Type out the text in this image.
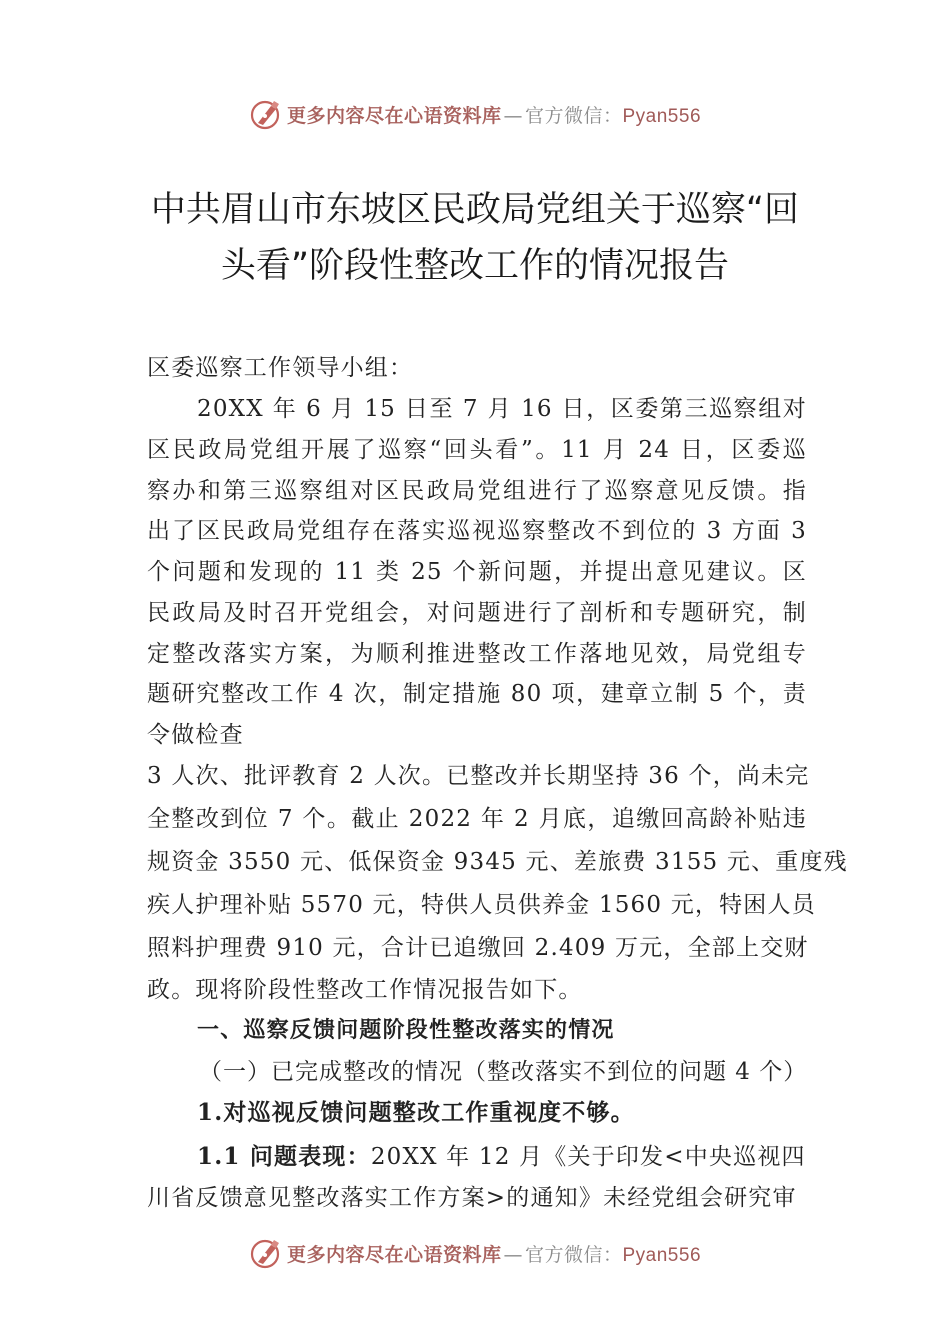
更多内容尽在心语资料库 — 官方微信：Pyan556
中共眉山市东坡区民政局党组关于巡察“回
头看”阶段性整改工作的情况报告
区委巡察工作领导小组：
20XX 年 6 月 15 日至 7 月 16 日，区委第三巡察组对
区民政局党组开展了巡察“回头看”。11 月 24 日，区委巡
察办和第三巡察组对区民政局党组进行了巡察意见反馈。指
出了区民政局党组存在落实巡视巡察整改不到位的 3 方面 3
个问题和发现的 11 类 25 个新问题，并提出意见建议。区
民政局及时召开党组会，对问题进行了剖析和专题研究，制
定整改落实方案，为顺利推进整改工作落地见效，局党组专
题研究整改工作 4 次，制定措施 80 项，建章立制 5 个，责
令做检查
3 人次、批评教育 2 人次。已整改并长期坚持 36 个，尚未完
全整改到位 7 个。截止 2022 年 2 月底，追缴回高龄补贴违
规资金 3550 元、低保资金 9345 元、差旅费 3155 元、重度残
疾人护理补贴 5570 元，特供人员供养金 1560 元，特困人员
照料护理费 910 元，合计已追缴回 2.409 万元，全部上交财
政。现将阶段性整改工作情况报告如下。
一、巡察反馈问题阶段性整改落实的情况
（一）已完成整改的情况（整改落实不到位的问题 4 个）
1.对巡视反馈问题整改工作重视度不够。
1.1 问题表现：20XX 年 12 月《关于印发<中央巡视四
川省反馈意见整改落实工作方案>的通知》未经党组会研究审
更多内容尽在心语资料库 — 官方微信：Pyan556
